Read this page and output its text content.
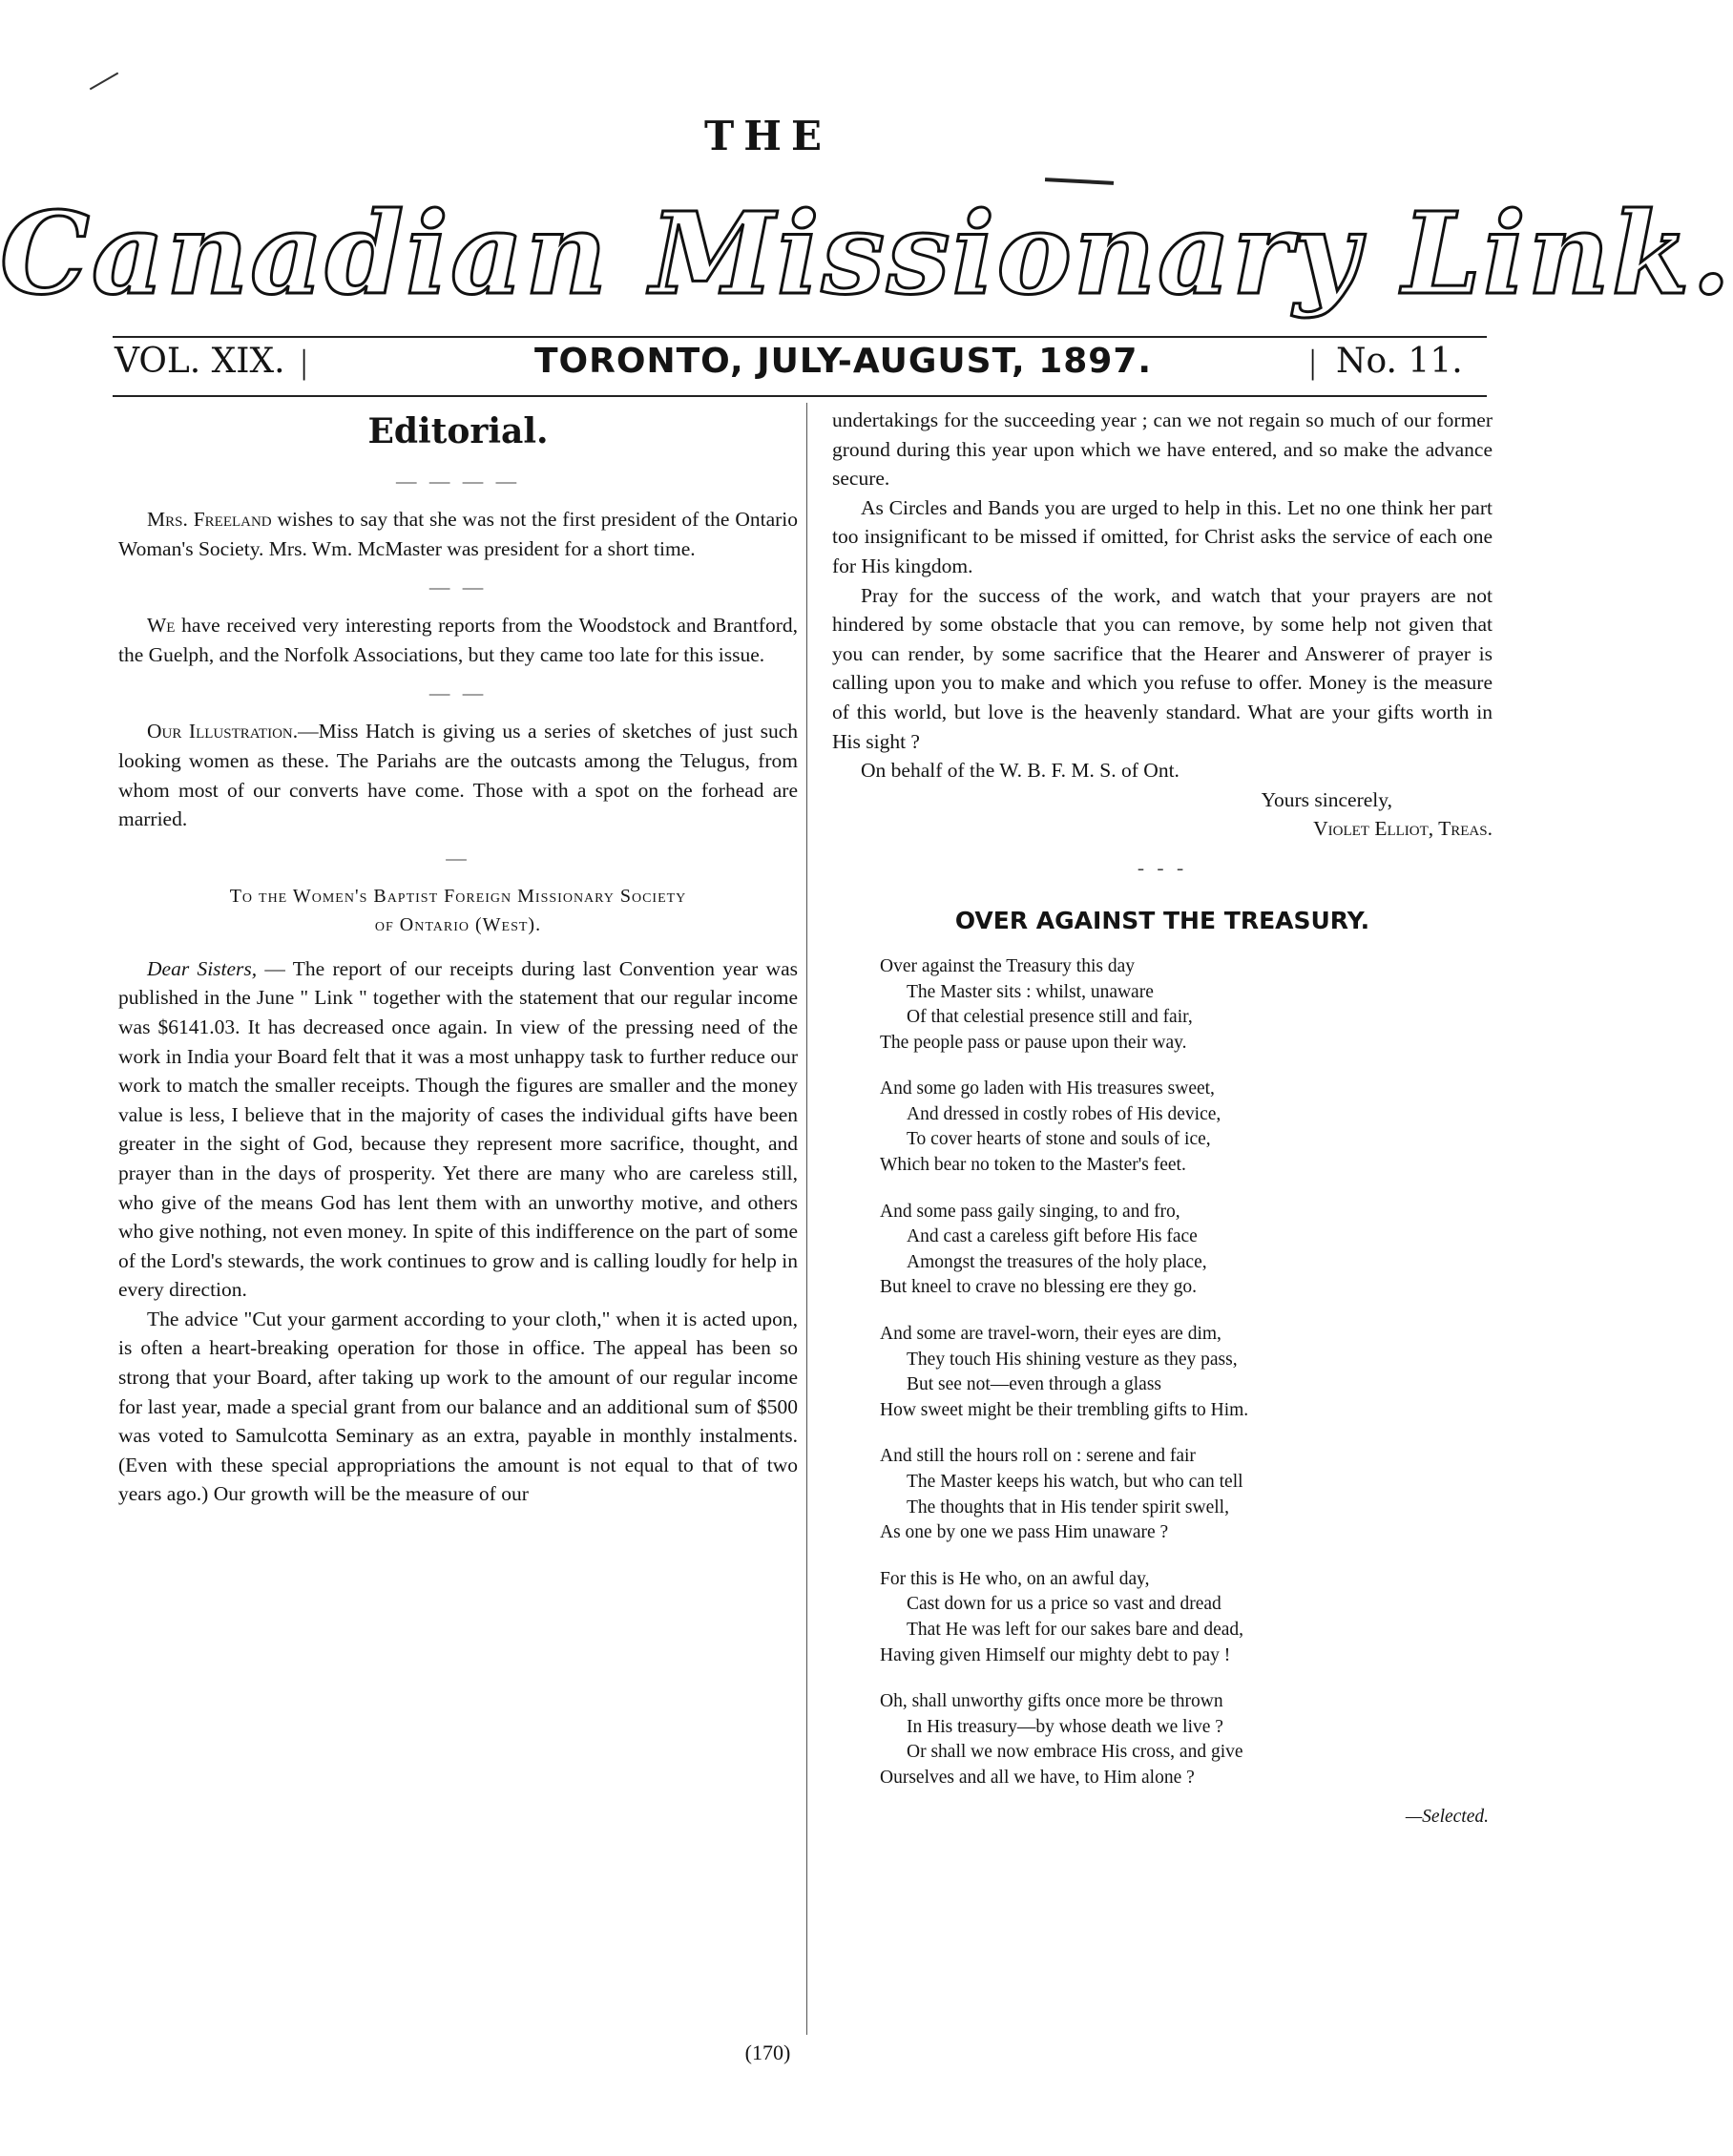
THE
Canadian Missionary Link.
VOL. XIX. |	TORONTO, JULY-AUGUST, 1897.	| No. 11.
Editorial.
— — — —

Mrs. Freeland wishes to say that she was not the first president of the Ontario Woman's Society. Mrs. Wm. McMaster was president for a short time.

— —

We have received very interesting reports from the Woodstock and Brantford, the Guelph, and the Norfolk Associations, but they came too late for this issue.

— —

Our Illustration.—Miss Hatch is giving us a series of sketches of just such looking women as these. The Pariahs are the outcasts among the Telugus, from whom most of our converts have come. Those with a spot on the forhead are married.

—
To the Women's Baptist Foreign Missionary Society
of Ontario (West).

Dear Sisters, — The report of our receipts during last Convention year was published in the June " Link " together with the statement that our regular income was $6141.03. It has decreased once again. In view of the pressing need of the work in India your Board felt that it was a most unhappy task to further reduce our work to match the smaller receipts. Though the figures are smaller and the money value is less, I believe that in the majority of cases the individual gifts have been greater in the sight of God, because they represent more sacrifice, thought, and prayer than in the days of prosperity. Yet there are many who are careless still, who give of the means God has lent them with an unworthy motive, and others who give nothing, not even money. In spite of this indifference on the part of some of the Lord's stewards, the work continues to grow and is calling loudly for help in every direction.

The advice "Cut your garment according to your cloth," when it is acted upon, is often a heart-breaking operation for those in office. The appeal has been so strong that your Board, after taking up work to the amount of our regular income for last year, made a special grant from our balance and an additional sum of $500 was voted to Samulcotta Seminary as an extra, payable in monthly instalments. (Even with these special appropriations the amount is not equal to that of two years ago.) Our growth will be the measure of our

undertakings for the succeeding year ; can we not regain so much of our former ground during this year upon which we have entered, and so make the advance secure.

As Circles and Bands you are urged to help in this. Let no one think her part too insignificant to be missed if omitted, for Christ asks the service of each one for His kingdom.

Pray for the success of the work, and watch that your prayers are not hindered by some obstacle that you can remove, by some help not given that you can render, by some sacrifice that the Hearer and Answerer of prayer is calling upon you to make and which you refuse to offer. Money is the measure of this world, but love is the heavenly standard. What are your gifts worth in His sight ?

On behalf of the W. B. F. M. S. of Ont.

Yours sincerely,

Violet Elliot, Treas.

- - -
OVER AGAINST THE TREASURY.
Over against the Treasury this day
The Master sits : whilst, unaware
Of that celestial presence still and fair,
The people pass or pause upon their way.
And some go laden with His treasures sweet,
And dressed in costly robes of His device,
To cover hearts of stone and souls of ice,
Which bear no token to the Master's feet.
And some pass gaily singing, to and fro,
And cast a careless gift before His face
Amongst the treasures of the holy place,
But kneel to crave no blessing ere they go.
And some are travel-worn, their eyes are dim,
They touch His shining vesture as they pass,
But see not—even through a glass
How sweet might be their trembling gifts to Him.
And still the hours roll on : serene and fair
The Master keeps his watch, but who can tell
The thoughts that in His tender spirit swell,
As one by one we pass Him unaware ?
For this is He who, on an awful day,
Cast down for us a price so vast and dread
That He was left for our sakes bare and dead,
Having given Himself our mighty debt to pay !
Oh, shall unworthy gifts once more be thrown
In His treasury—by whose death we live ?
Or shall we now embrace His cross, and give
Ourselves and all we have, to Him alone ?
—Selected.
(170)
